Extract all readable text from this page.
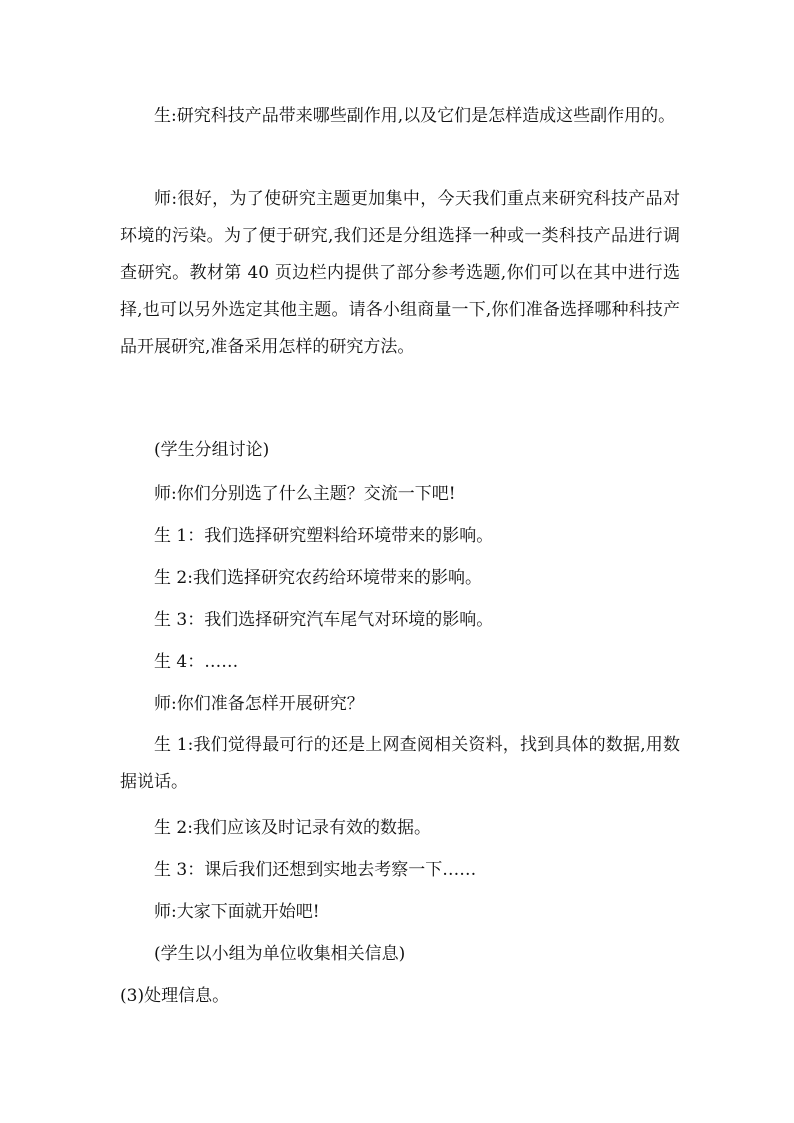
生:研究科技产品带来哪些副作用,以及它们是怎样造成这些副作用的。

师:很好，为了使研究主题更加集中，今天我们重点来研究科技产品对环境的污染。为了便于研究,我们还是分组选择一种或一类科技产品进行调查研究。教材第 40 页边栏内提供了部分参考选题,你们可以在其中进行选择,也可以另外选定其他主题。请各小组商量一下,你们准备选择哪种科技产品开展研究,准备采用怎样的研究方法。

(学生分组讨论)

师:你们分别选了什么主题？交流一下吧!

生 1：我们选择研究塑料给环境带来的影响。

生 2:我们选择研究农药给环境带来的影响。

生 3：我们选择研究汽车尾气对环境的影响。

生 4：……

师:你们准备怎样开展研究？

生 1:我们觉得最可行的还是上网查阅相关资料，找到具体的数据,用数据说话。

生 2:我们应该及时记录有效的数据。

生 3：课后我们还想到实地去考察一下……

师:大家下面就开始吧!

(学生以小组为单位收集相关信息)

(3)处理信息。
